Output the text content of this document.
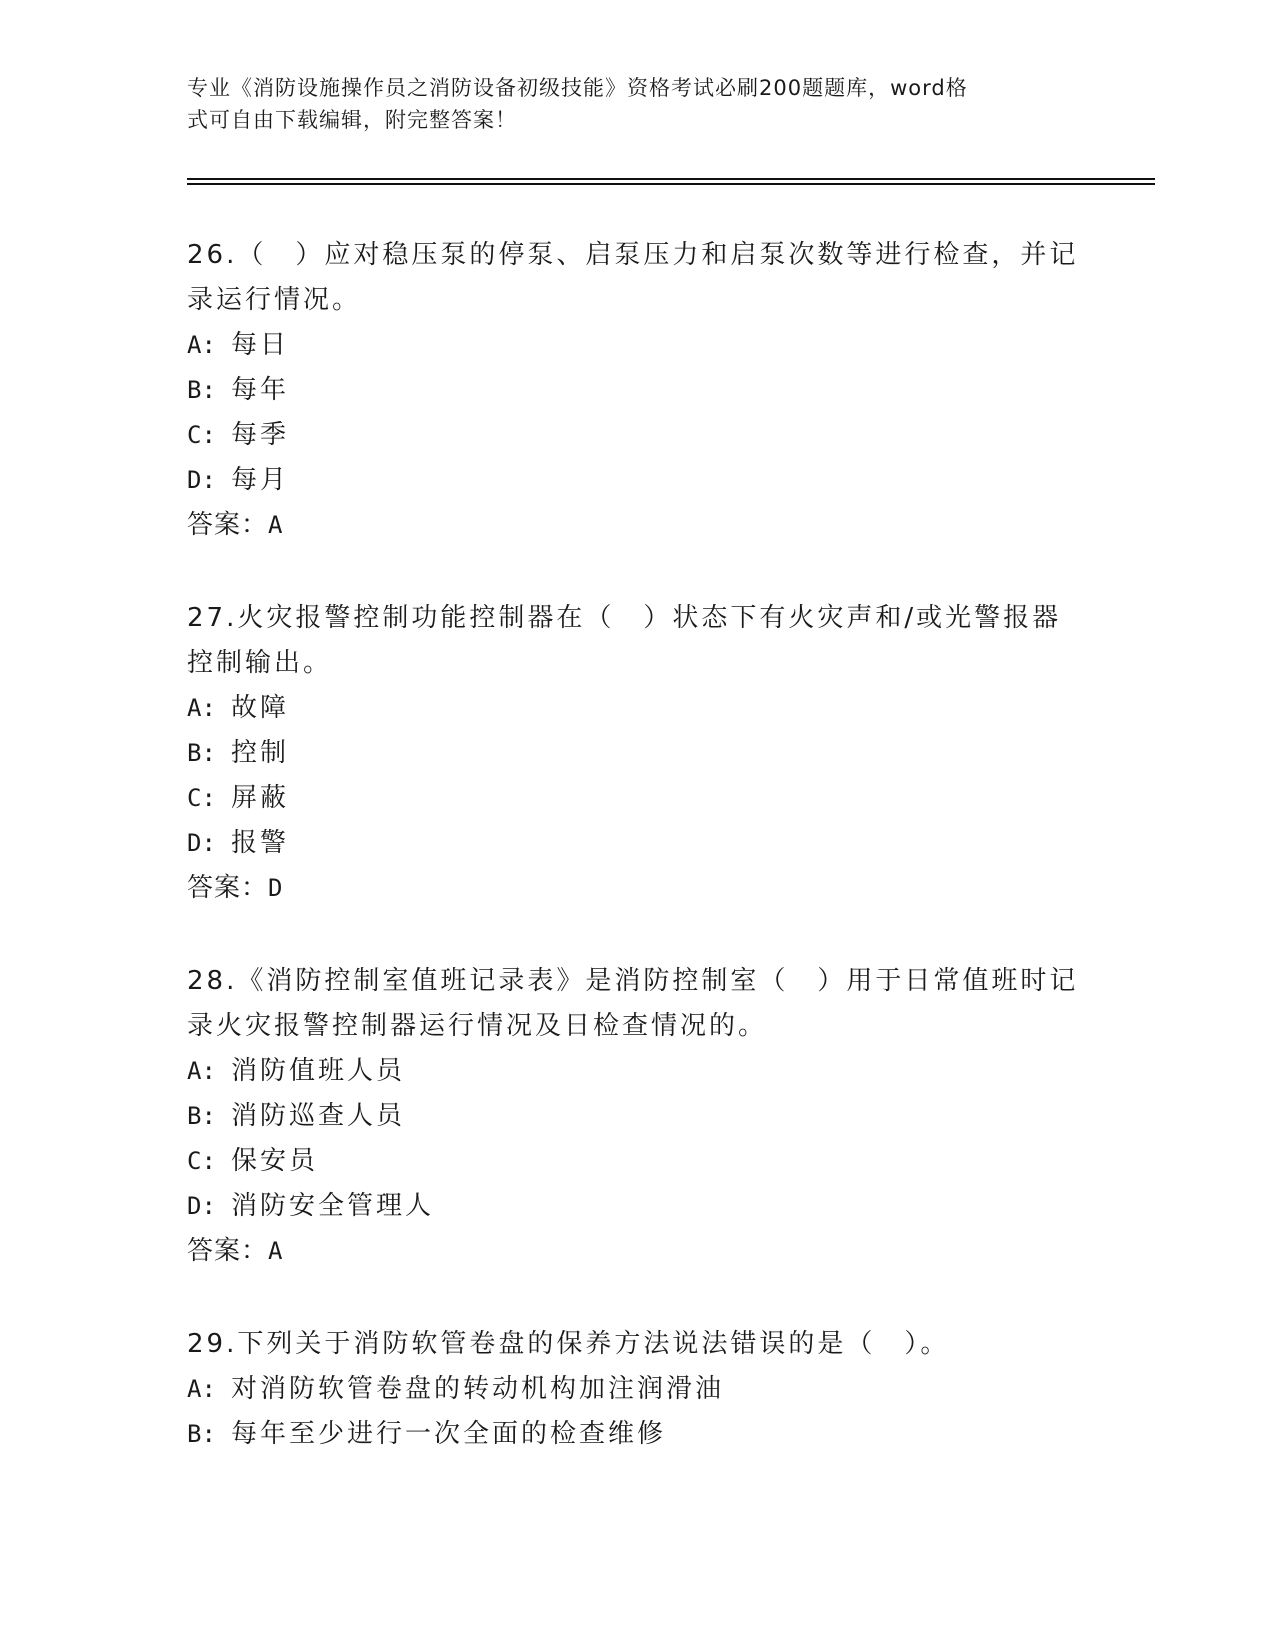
专业《消防设施操作员之消防设备初级技能》资格考试必刷200题题库，word格
式可自由下载编辑，附完整答案！

26.（　）应对稳压泵的停泵、启泵压力和启泵次数等进行检查，并记

录运行情况。

A: 每日

B: 每年

C: 每季

D: 每月

答案：A

27.火灾报警控制功能控制器在（　）状态下有火灾声和/或光警报器

控制输出。

A: 故障

B: 控制

C: 屏蔽

D: 报警

答案：D

28.《消防控制室值班记录表》是消防控制室（　）用于日常值班时记

录火灾报警控制器运行情况及日检查情况的。

A: 消防值班人员

B: 消防巡查人员

C: 保安员

D: 消防安全管理人

答案：A

29.下列关于消防软管卷盘的保养方法说法错误的是（　）。

A: 对消防软管卷盘的转动机构加注润滑油

B: 每年至少进行一次全面的检查维修
